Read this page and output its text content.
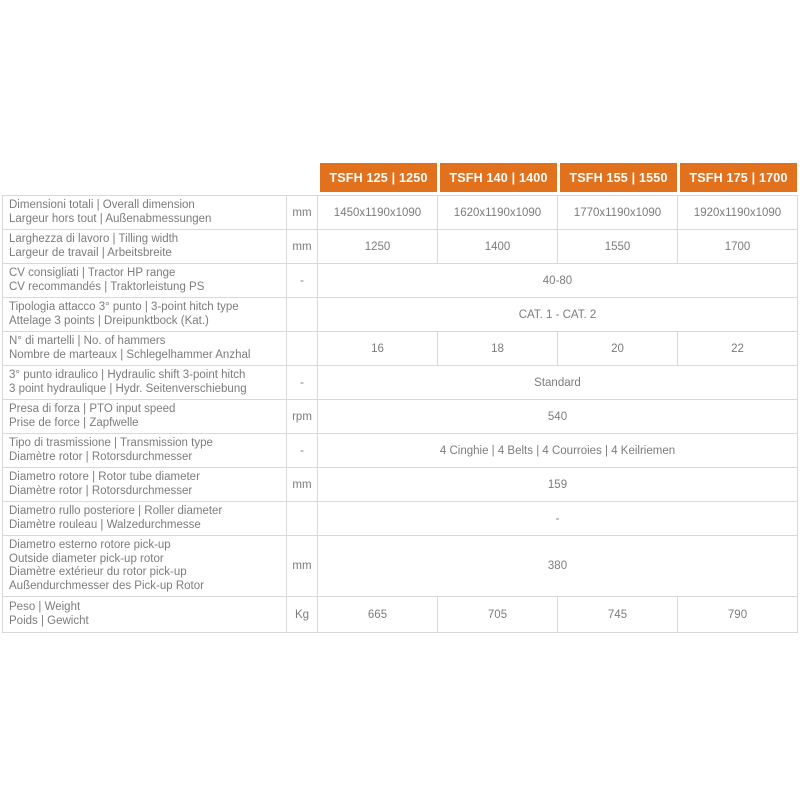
TSFH 125 | 1250	TSFH 140 | 1400	TSFH 155 | 1550	TSFH 175 | 1700
Dimensioni totali | Overall dimension
Largeur hors tout | Außenabmessungen	mm	1450x1190x1090	1620x1190x1090	1770x1190x1090	1920x1190x1090

Larghezza di lavoro | Tilling width
Largeur de travail | Arbeitsbreite	mm	1250	1400	1550	1700

CV consigliati | Tractor HP range
CV recommandés | Traktorleistung PS	-	40-80			

Tipologia attacco 3° punto | 3-point hitch type
Attelage 3 points | Dreipunktbock (Kat.)		CAT. 1 - CAT. 2			

N° di martelli | No. of hammers
Nombre de marteaux | Schlegelhammer Anzhal		16	18	20	22

3° punto idraulico | Hydraulic shift 3-point hitch
3 point hydraulique | Hydr. Seitenverschiebung	-	Standard			

Presa di forza | PTO input speed
Prise de force | Zapfwelle	rpm	540			

Tipo di trasmissione | Transmission type
Diamètre rotor | Rotorsdurchmesser	-	4 Cinghie | 4 Belts | 4 Courroies | 4 Keilriemen			

Diametro rotore | Rotor tube diameter
Diamètre rotor | Rotorsdurchmesser	mm	159			

Diametro rullo posteriore | Roller diameter
Diamètre rouleau | Walzedurchmesse		-			

Diametro esterno rotore pick-up
Outside diameter pick-up rotor
Diamètre extérieur du rotor pick-up
Außendurchmesser des Pick-up Rotor	mm	380			

Peso | Weight
Poids | Gewicht	Kg	665	705	745	790
